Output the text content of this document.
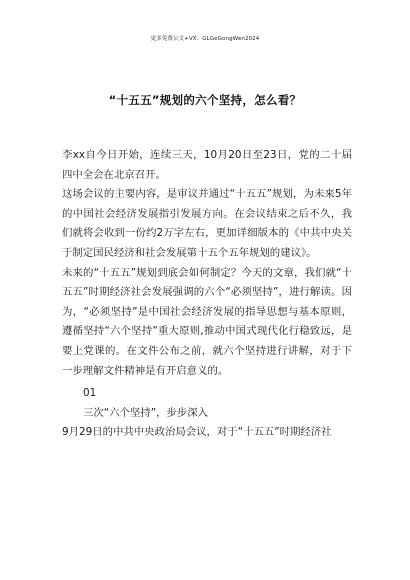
更多免费公文+VX：GLGeGongWen2024
“十五五”规划的六个坚持，怎么看？

李xx自今日开始，连续三天，10月20日至23日，党的二十届四中全会在北京召开。

这场会议的主要内容，是审议并通过“十五五”规划，为未来5年的中国社会经济发展指引发展方向。在会议结束之后不久，我们就将会收到一份约2万字左右，更加详细版本的《中共中央关于制定国民经济和社会发展第十五个五年规划的建议》。

未来的“十五五”规划到底会如何制定？今天的文章，我们就“十五五”时期经济社会发展强调的六个“必须坚持”，进行解读。因为，“必须坚持”是中国社会经济发展的指导思想与基本原则，遵循坚持“六个坚持”重大原则,推动中国式现代化行稳致远，是要上党课的。在文件公布之前，就六个坚持进行讲解，对于下一步理解文件精神是有开启意义的。

01

三次“六个坚持”，步步深入

9月29日的中共中央政治局会议，对于“十五五”时期经济社
